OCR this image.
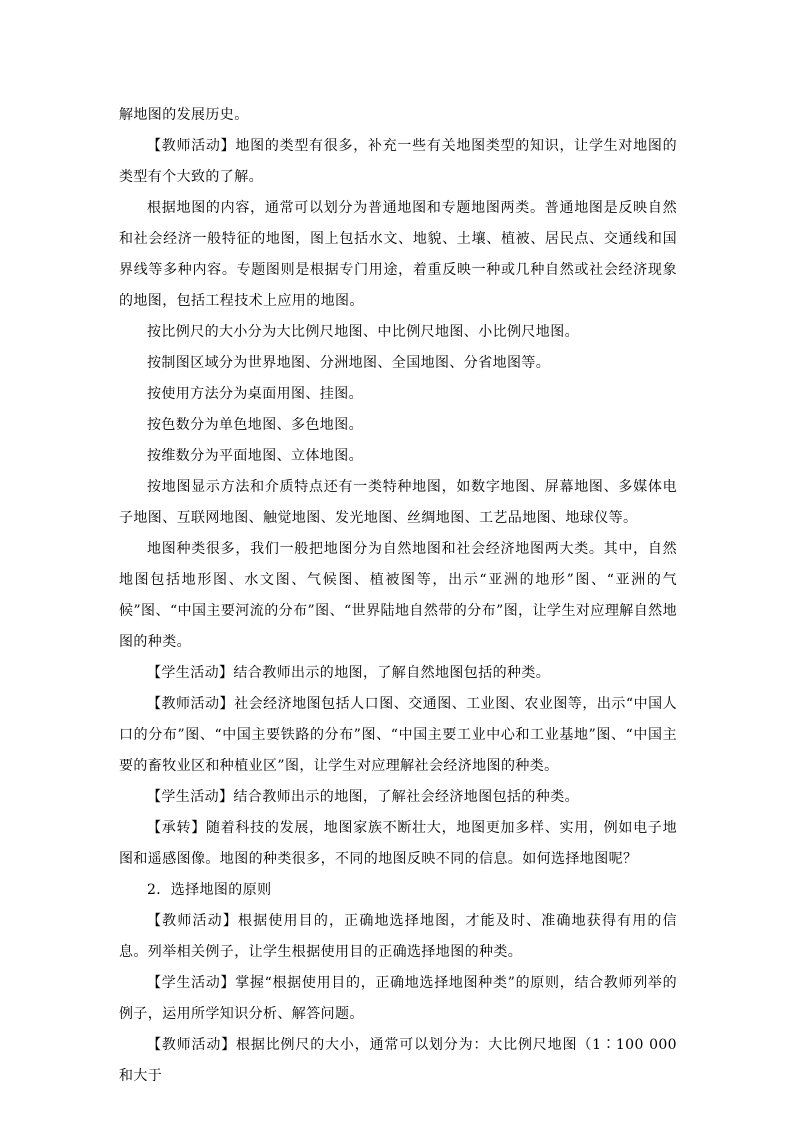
解地图的发展历史。

【教师活动】地图的类型有很多，补充一些有关地图类型的知识，让学生对地图的类型有个大致的了解。

根据地图的内容，通常可以划分为普通地图和专题地图两类。普通地图是反映自然和社会经济一般特征的地图，图上包括水文、地貌、土壤、植被、居民点、交通线和国界线等多种内容。专题图则是根据专门用途，着重反映一种或几种自然或社会经济现象的地图，包括工程技术上应用的地图。

按比例尺的大小分为大比例尺地图、中比例尺地图、小比例尺地图。

按制图区域分为世界地图、分洲地图、全国地图、分省地图等。

按使用方法分为桌面用图、挂图。

按色数分为单色地图、多色地图。

按维数分为平面地图、立体地图。

按地图显示方法和介质特点还有一类特种地图，如数字地图、屏幕地图、多媒体电子地图、互联网地图、触觉地图、发光地图、丝绸地图、工艺品地图、地球仪等。

地图种类很多，我们一般把地图分为自然地图和社会经济地图两大类。其中，自然地图包括地形图、水文图、气候图、植被图等，出示“亚洲的地形”图、“亚洲的气候”图、“中国主要河流的分布”图、“世界陆地自然带的分布”图，让学生对应理解自然地图的种类。

【学生活动】结合教师出示的地图，了解自然地图包括的种类。

【教师活动】社会经济地图包括人口图、交通图、工业图、农业图等，出示“中国人口的分布”图、“中国主要铁路的分布”图、“中国主要工业中心和工业基地”图、“中国主要的畜牧业区和种植业区”图，让学生对应理解社会经济地图的种类。

【学生活动】结合教师出示的地图，了解社会经济地图包括的种类。

【承转】随着科技的发展，地图家族不断壮大，地图更加多样、实用，例如电子地图和遥感图像。地图的种类很多，不同的地图反映不同的信息。如何选择地图呢？

2．选择地图的原则

【教师活动】根据使用目的，正确地选择地图，才能及时、准确地获得有用的信息。列举相关例子，让学生根据使用目的正确选择地图的种类。

【学生活动】掌握“根据使用目的，正确地选择地图种类”的原则，结合教师列举的例子，运用所学知识分析、解答问题。

【教师活动】根据比例尺的大小，通常可以划分为：大比例尺地图（1∶100 000 和大于
